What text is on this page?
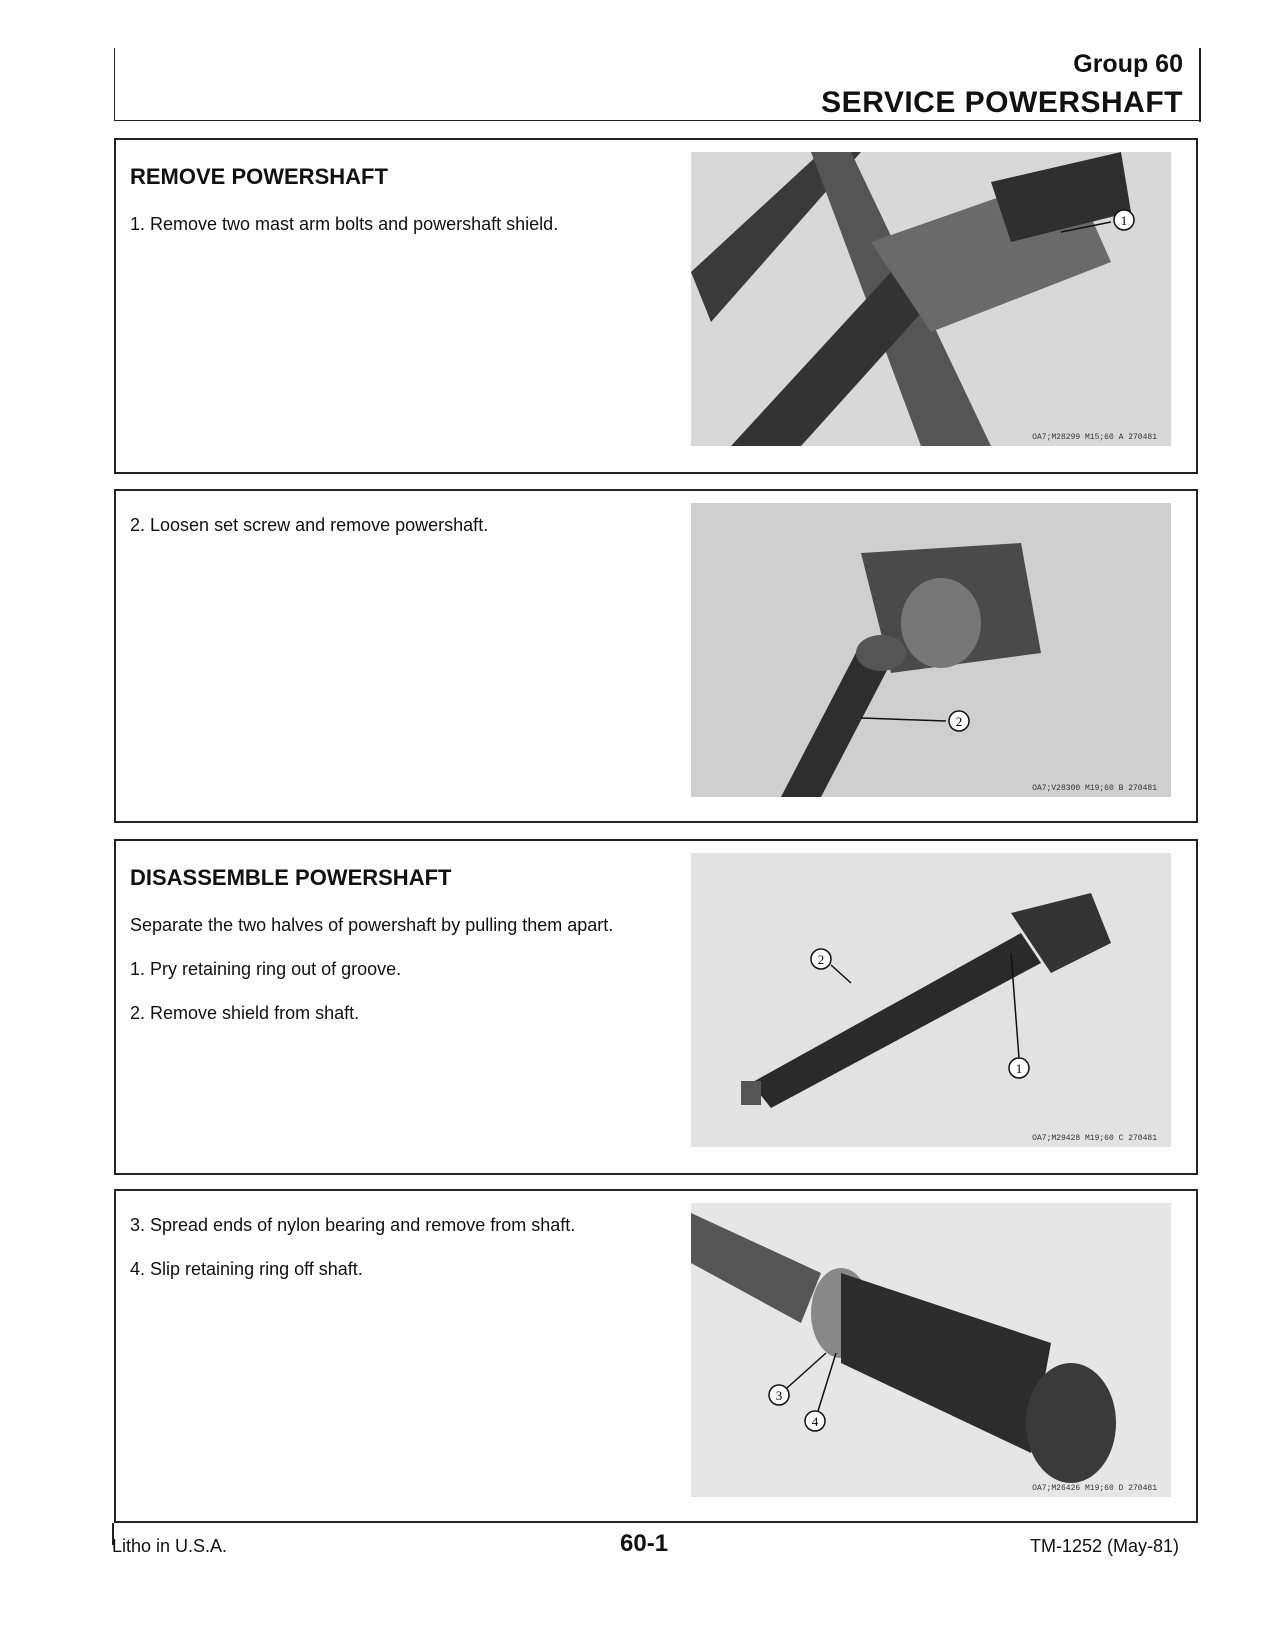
Group 60
SERVICE POWERSHAFT
REMOVE POWERSHAFT
1. Remove two mast arm bolts and powershaft shield.	1
OA7;M28299 M15;60 A 270481
2. Loosen set screw and remove powershaft.
2
OA7;V28300 M19;60 B 270481
DISASSEMBLE POWERSHAFT
Separate the two halves of powershaft by pulling them apart.
1. Pry retaining ring out of groove.
2. Remove shield from shaft.
2
1
OA7;M29428 M19;60 C 270481
3. Spread ends of nylon bearing and remove from shaft.
4. Slip retaining ring off shaft.
3
4
OA7;M26426 M19;60 D 270481
Litho in U.S.A.	60-1	TM-1252 (May-81)
